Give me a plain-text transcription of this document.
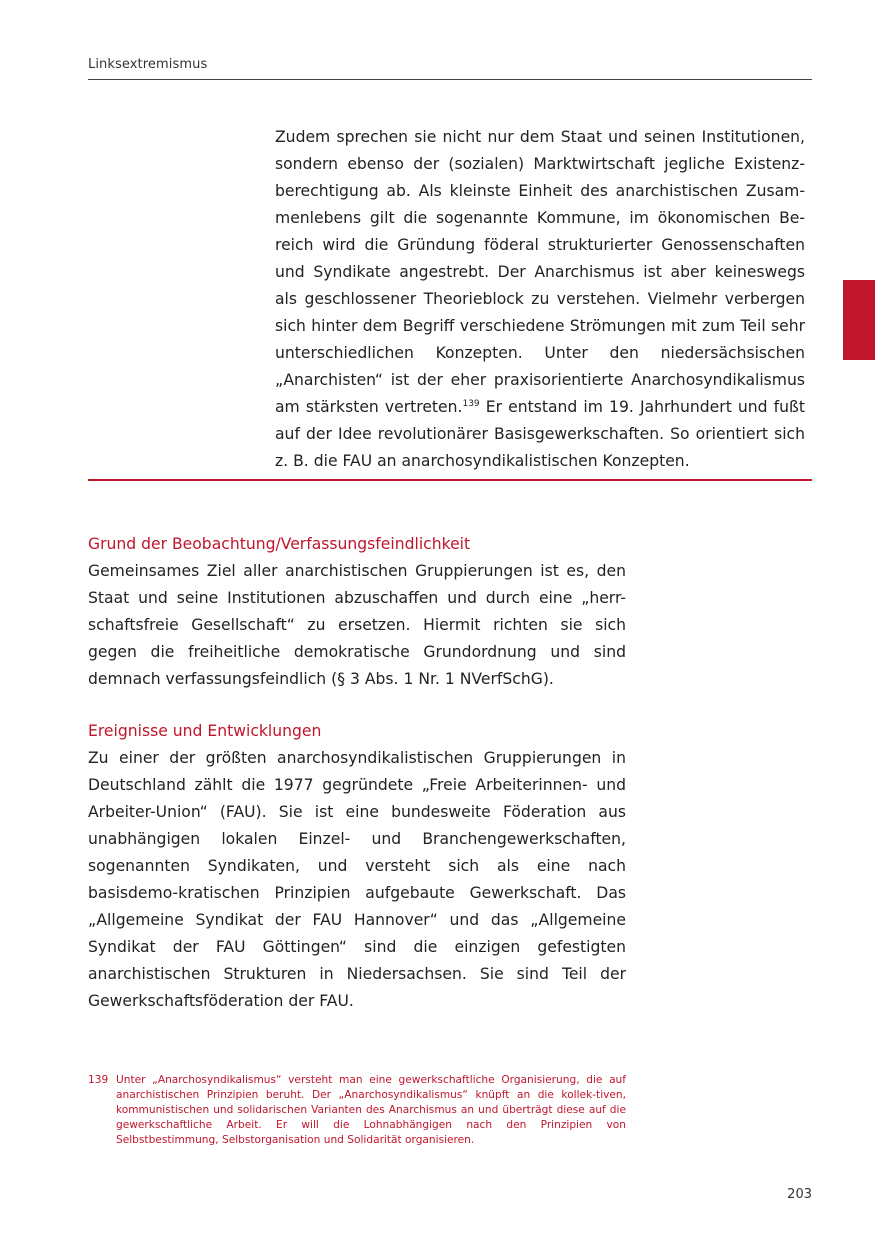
Linksextremismus

Zudem sprechen sie nicht nur dem Staat und seinen Institutionen, sondern ebenso der (sozialen) Marktwirtschaft jegliche Existenz-berechtigung ab. Als kleinste Einheit des anarchistischen Zusam-menlebens gilt die sogenannte Kommune, im ökonomischen Be-reich wird die Gründung föderal strukturierter Genossenschaften und Syndikate angestrebt. Der Anarchismus ist aber keineswegs als geschlossener Theorieblock zu verstehen. Vielmehr verbergen sich hinter dem Begriff verschiedene Strömungen mit zum Teil sehr unterschiedlichen Konzepten. Unter den niedersächsischen „Anarchisten“ ist der eher praxisorientierte Anarchosyndikalismus am stärksten vertreten.$^{139}$ Er entstand im 19. Jahrhundert und fußt auf der Idee revolutionärer Basisgewerkschaften. So orientiert sich z. B. die FAU an anarchosyndikalistischen Konzepten.

Grund der Beobachtung/Verfassungsfeindlichkeit

Gemeinsames Ziel aller anarchistischen Gruppierungen ist es, den Staat und seine Institutionen abzuschaffen und durch eine „herr-schaftsfreie Gesellschaft“ zu ersetzen. Hiermit richten sie sich gegen die freiheitliche demokratische Grundordnung und sind demnach verfassungsfeindlich (§ 3 Abs. 1 Nr. 1 NVerfSchG).

Ereignisse und Entwicklungen

Zu einer der größten anarchosyndikalistischen Gruppierungen in Deutschland zählt die 1977 gegründete „Freie Arbeiterinnen- und Arbeiter-Union“ (FAU). Sie ist eine bundesweite Föderation aus unabhängigen lokalen Einzel- und Branchengewerkschaften, sogenannten Syndikaten, und versteht sich als eine nach basisdemo-kratischen Prinzipien aufgebaute Gewerkschaft. Das „Allgemeine Syndikat der FAU Hannover“ und das „Allgemeine Syndikat der FAU Göttingen“ sind die einzigen gefestigten anarchistischen Strukturen in Niedersachsen. Sie sind Teil der Gewerkschaftsföderation der FAU.

139 Unter „Anarchosyndikalismus“ versteht man eine gewerkschaftliche Organisierung, die auf anarchistischen Prinzipien beruht. Der „Anarchosyndikalismus“ knüpft an die kollek-tiven, kommunistischen und solidarischen Varianten des Anarchismus an und überträgt diese auf die gewerkschaftliche Arbeit. Er will die Lohnabhängigen nach den Prinzipien von Selbstbestimmung, Selbstorganisation und Solidarität organisieren.
203
